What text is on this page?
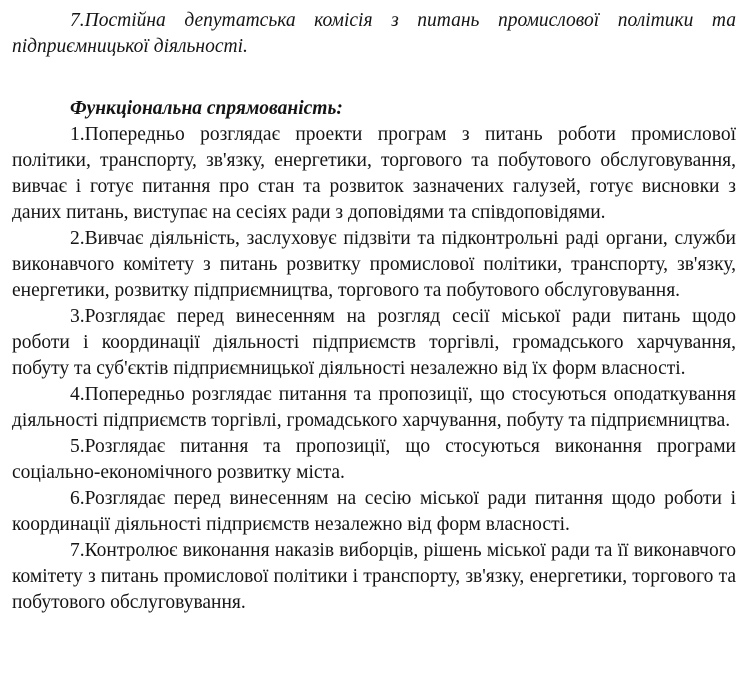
7.Постійна депутатська комісія з питань промислової політики та підприємницької діяльності.

Функціональна спрямованість:

1.Попередньо розглядає проекти програм з питань роботи промислової політики, транспорту, зв'язку, енергетики, торгового та побутового обслуговування, вивчає і готує питання про стан та розвиток зазначених галузей, готує висновки з даних питань, виступає на сесіях ради з доповідями та співдоповідями.

2.Вивчає діяльність, заслуховує підзвіти та підконтрольні раді органи, служби виконавчого комітету з питань розвитку промислової політики, транспорту, зв'язку, енергетики, розвитку підприємництва, торгового та побутового обслуговування.

3.Розглядає перед винесенням на розгляд сесії міської ради питань щодо роботи і координації діяльності підприємств торгівлі, громадського харчування, побуту та суб'єктів підприємницької діяльності незалежно від їх форм власності.

4.Попередньо розглядає питання та пропозиції, що стосуються оподаткування діяльності підприємств торгівлі, громадського харчування, побуту та підприємництва.

5.Розглядає питання та пропозиції, що стосуються виконання програми соціально-економічного розвитку міста.

6.Розглядає перед винесенням на сесію міської ради питання щодо роботи і координації діяльності підприємств незалежно від форм власності.

7.Контролює виконання наказів виборців, рішень міської ради та її виконавчого комітету з питань промислової політики і транспорту, зв'язку, енергетики, торгового та побутового обслуговування.
